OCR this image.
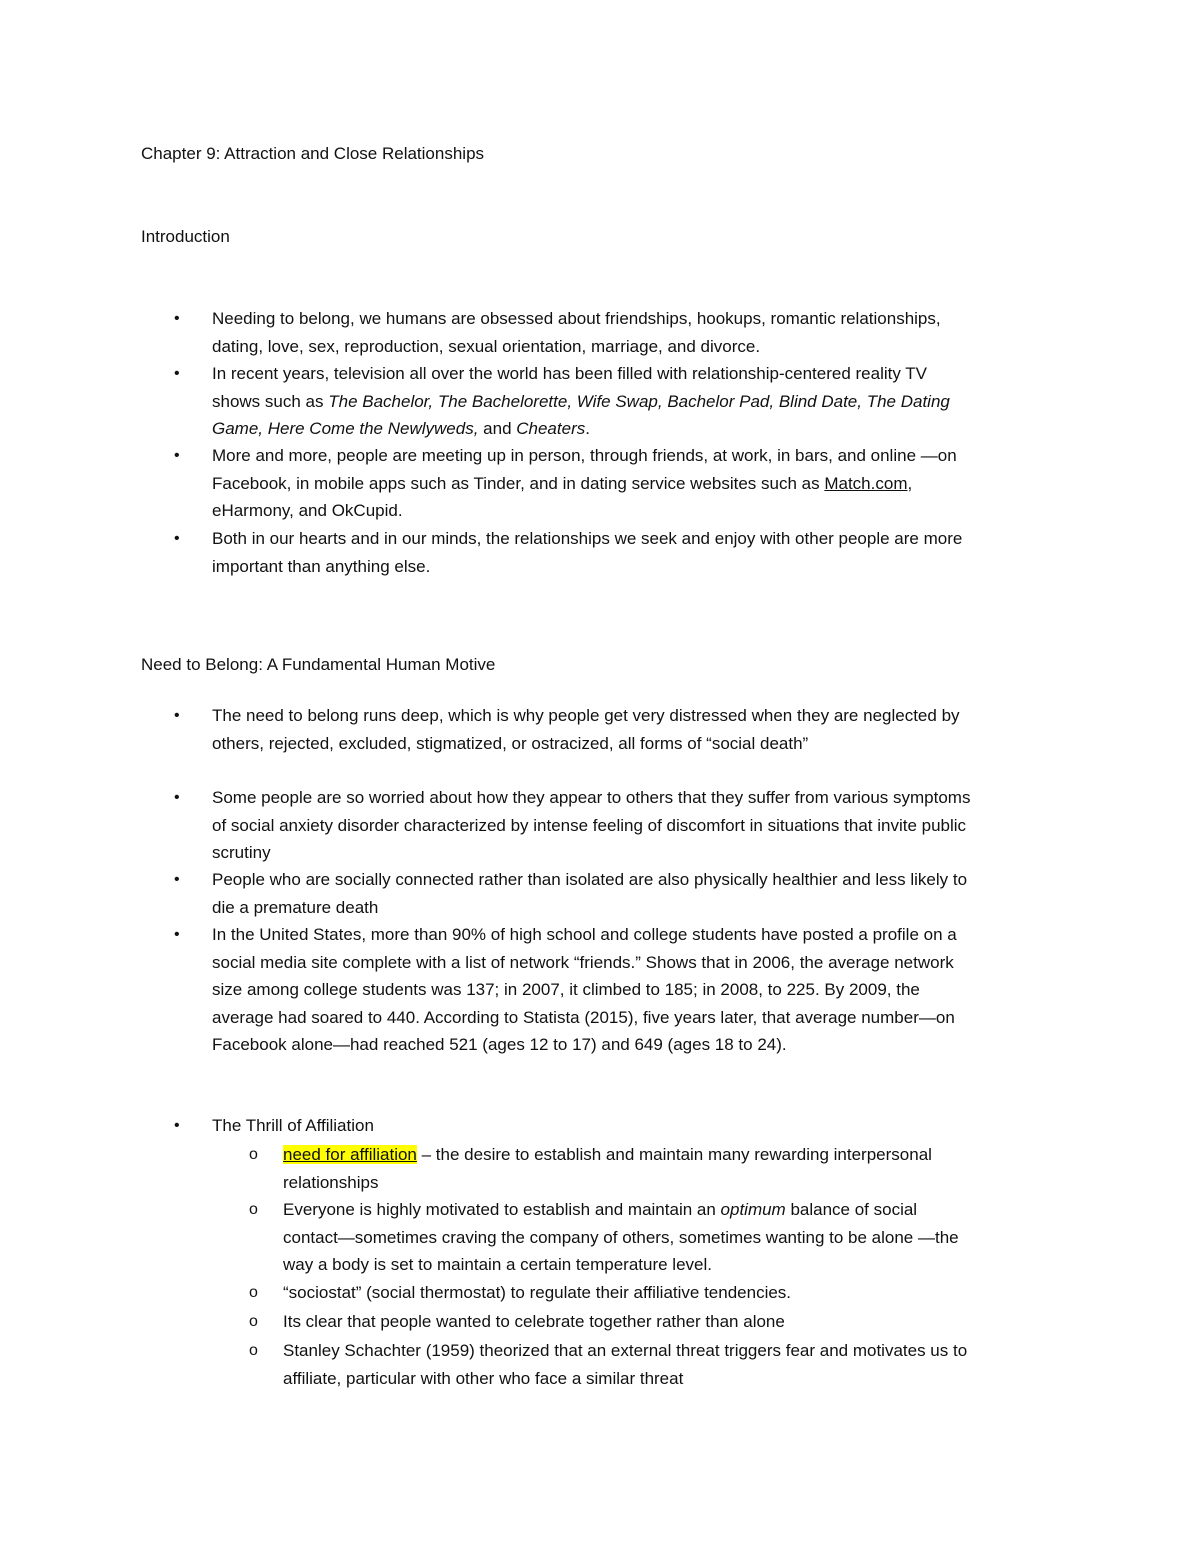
Chapter 9: Attraction and Close Relationships
Introduction
• Needing to belong, we humans are obsessed about friendships, hookups, romantic relationships, dating, love, sex, reproduction, sexual orientation, marriage, and divorce.
• In recent years, television all over the world has been filled with relationship-centered reality TV shows such as The Bachelor, The Bachelorette, Wife Swap, Bachelor Pad, Blind Date, The Dating Game, Here Come the Newlyweds, and Cheaters.
• More and more, people are meeting up in person, through friends, at work, in bars, and online —on Facebook, in mobile apps such as Tinder, and in dating service websites such as Match.com, eHarmony, and OkCupid.
• Both in our hearts and in our minds, the relationships we seek and enjoy with other people are more important than anything else.
Need to Belong: A Fundamental Human Motive
• The need to belong runs deep, which is why people get very distressed when they are neglected by others, rejected, excluded, stigmatized, or ostracized, all forms of “social death”
• Some people are so worried about how they appear to others that they suffer from various symptoms of social anxiety disorder characterized by intense feeling of discomfort in situations that invite public scrutiny
• People who are socially connected rather than isolated are also physically healthier and less likely to die a premature death
• In the United States, more than 90% of high school and college students have posted a profile on a social media site complete with a list of network “friends.” Shows that in 2006, the average network size among college students was 137; in 2007, it climbed to 185; in 2008, to 225. By 2009, the average had soared to 440. According to Statista (2015), five years later, that average number—on Facebook alone—had reached 521 (ages 12 to 17) and 649 (ages 18 to 24).
• The Thrill of Affiliation
o need for affiliation – the desire to establish and maintain many rewarding interpersonal relationships
o Everyone is highly motivated to establish and maintain an optimum balance of social contact—sometimes craving the company of others, sometimes wanting to be alone —the way a body is set to maintain a certain temperature level.
o “sociostat” (social thermostat) to regulate their affiliative tendencies.
o Its clear that people wanted to celebrate together rather than alone
o Stanley Schachter (1959) theorized that an external threat triggers fear and motivates us to affiliate, particular with other who face a similar threat
